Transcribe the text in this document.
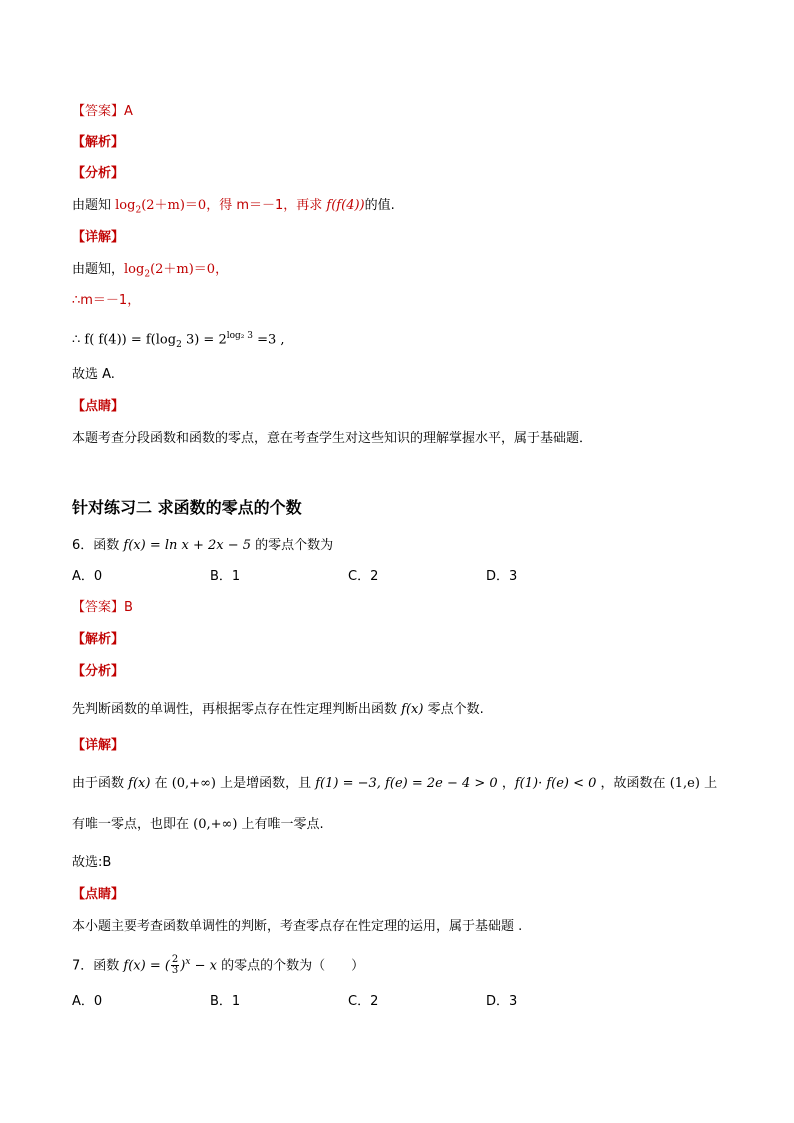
【答案】A
【解析】
【分析】
由题知 $\log_2(2+m)=0$，得 m＝－1，再求 f(f(4))的值.
【详解】
由题知，$\log_2(2+m)=0$，
∴m＝－1，
∴ f( $f(4)) = f(\log_2$ $3) = 2^{log_2 3} =3$ ,
故选 A.
【点睛】
本题考查分段函数和函数的零点，意在考查学生对这些知识的理解掌握水平，属于基础题．
针对练习二 求函数的零点的个数
6．函数 f(x) = ln x + 2x − 5 的零点个数为
A．0	B．1	C．2	D．3
【答案】B
【解析】
【分析】
先判断函数的单调性，再根据零点存在性定理判断出函数 f(x) 零点个数.
【详解】
由于函数 f(x) 在 (0,+∞) 上是增函数，且 f(1) = −3, f(e) = 2e − 4 > 0 ，f(1)· f(e) < 0 ，故函数在 (1,e) 上
有唯一零点，也即在 (0,+∞) 上有唯一零点.
故选:B
【点睛】
本小题主要考查函数单调性的判断，考查零点存在性定理的运用，属于基础题 .
7．函数 f(x) = ( $\frac{2}{3} )^x - x$ 的零点的个数为（　　）
A．0	B．1	C．2	D．3
